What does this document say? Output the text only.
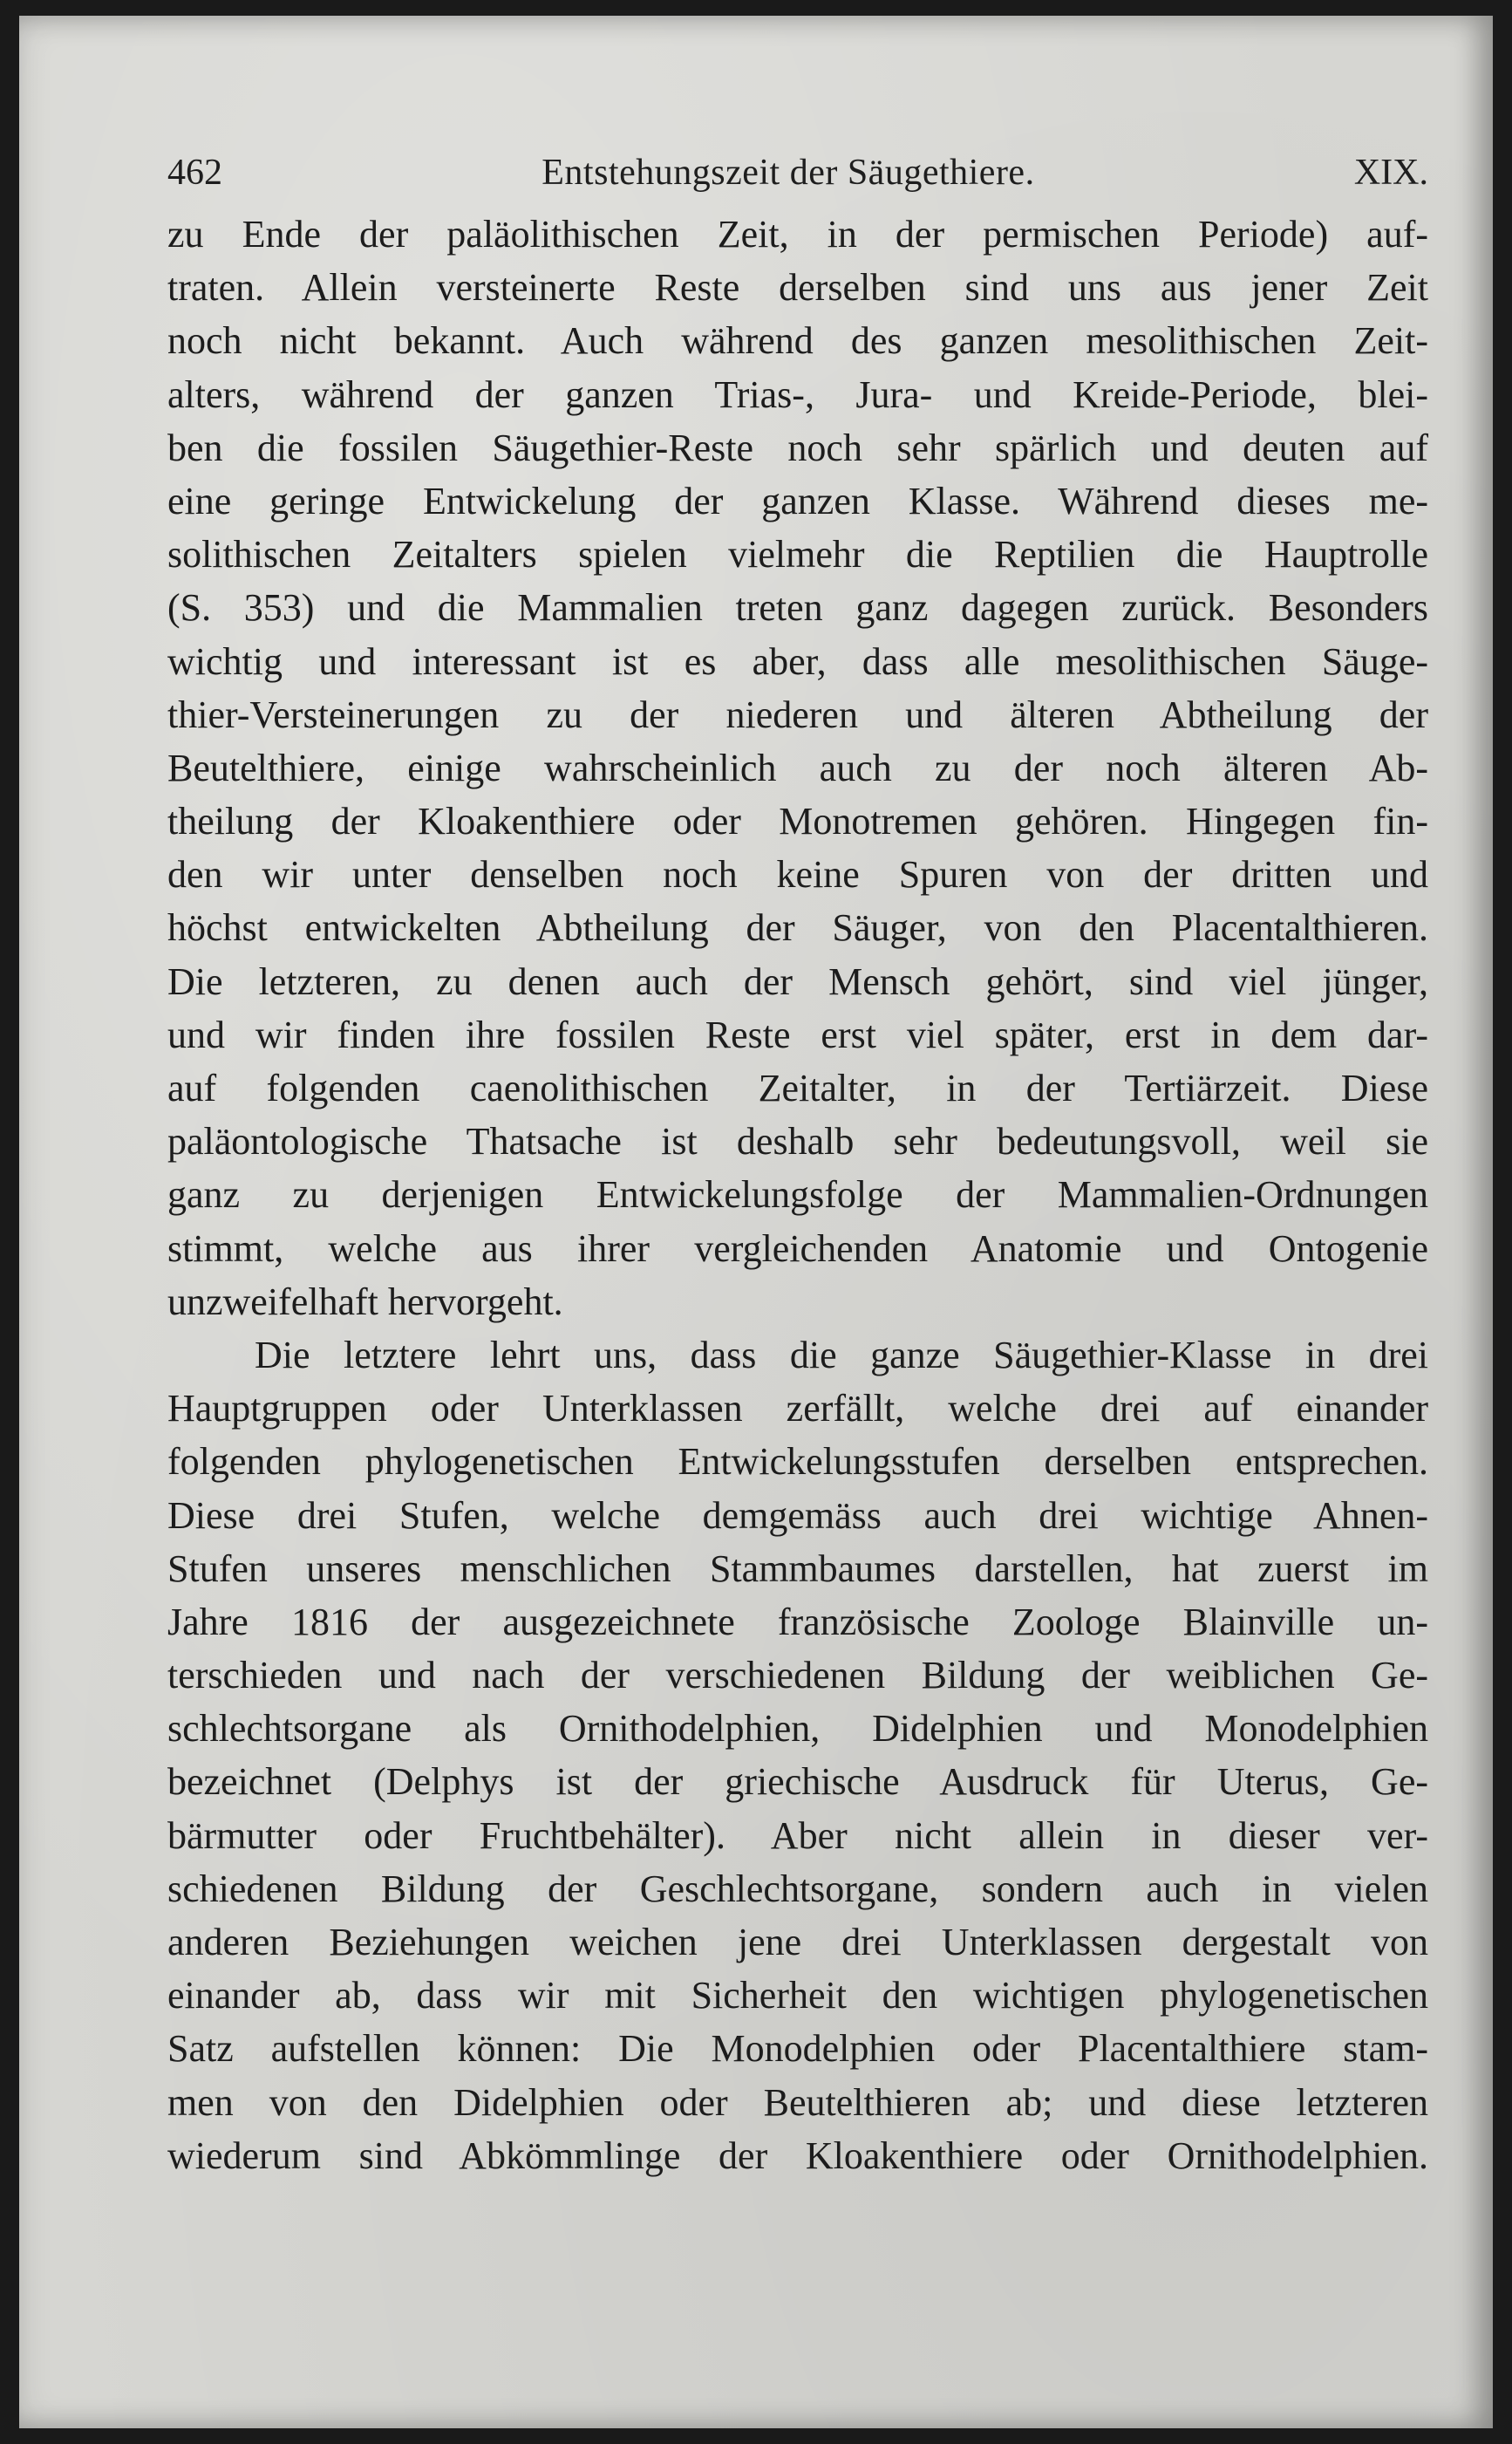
462	Entstehungszeit der Säugethiere.	XIX.
zu Ende der paläolithischen Zeit, in der permischen Periode) auf-
traten. Allein versteinerte Reste derselben sind uns aus jener Zeit
noch nicht bekannt. Auch während des ganzen mesolithischen Zeit-
alters, während der ganzen Trias-, Jura- und Kreide-Periode, blei-
ben die fossilen Säugethier-Reste noch sehr spärlich und deuten auf
eine geringe Entwickelung der ganzen Klasse. Während dieses me-
solithischen Zeitalters spielen vielmehr die Reptilien die Hauptrolle
(S. 353) und die Mammalien treten ganz dagegen zurück. Besonders
wichtig und interessant ist es aber, dass alle mesolithischen Säuge-
thier-Versteinerungen zu der niederen und älteren Abtheilung der
Beutelthiere, einige wahrscheinlich auch zu der noch älteren Ab-
theilung der Kloakenthiere oder Monotremen gehören. Hingegen fin-
den wir unter denselben noch keine Spuren von der dritten und
höchst entwickelten Abtheilung der Säuger, von den Placentalthieren.
Die letzteren, zu denen auch der Mensch gehört, sind viel jünger,
und wir finden ihre fossilen Reste erst viel später, erst in dem dar-
auf folgenden caenolithischen Zeitalter, in der Tertiärzeit. Diese
paläontologische Thatsache ist deshalb sehr bedeutungsvoll, weil sie
ganz zu derjenigen Entwickelungsfolge der Mammalien-Ordnungen
stimmt, welche aus ihrer vergleichenden Anatomie und Ontogenie
unzweifelhaft hervorgeht.
Die letztere lehrt uns, dass die ganze Säugethier-Klasse in drei
Hauptgruppen oder Unterklassen zerfällt, welche drei auf einander
folgenden phylogenetischen Entwickelungsstufen derselben entsprechen.
Diese drei Stufen, welche demgemäss auch drei wichtige Ahnen-
Stufen unseres menschlichen Stammbaumes darstellen, hat zuerst im
Jahre 1816 der ausgezeichnete französische Zoologe Blainville un-
terschieden und nach der verschiedenen Bildung der weiblichen Ge-
schlechtsorgane als Ornithodelphien, Didelphien und Monodelphien
bezeichnet (Delphys ist der griechische Ausdruck für Uterus, Ge-
bärmutter oder Fruchtbehälter). Aber nicht allein in dieser ver-
schiedenen Bildung der Geschlechtsorgane, sondern auch in vielen
anderen Beziehungen weichen jene drei Unterklassen dergestalt von
einander ab, dass wir mit Sicherheit den wichtigen phylogenetischen
Satz aufstellen können: Die Monodelphien oder Placentalthiere stam-
men von den Didelphien oder Beutelthieren ab; und diese letzteren
wiederum sind Abkömmlinge der Kloakenthiere oder Ornithodelphien.
